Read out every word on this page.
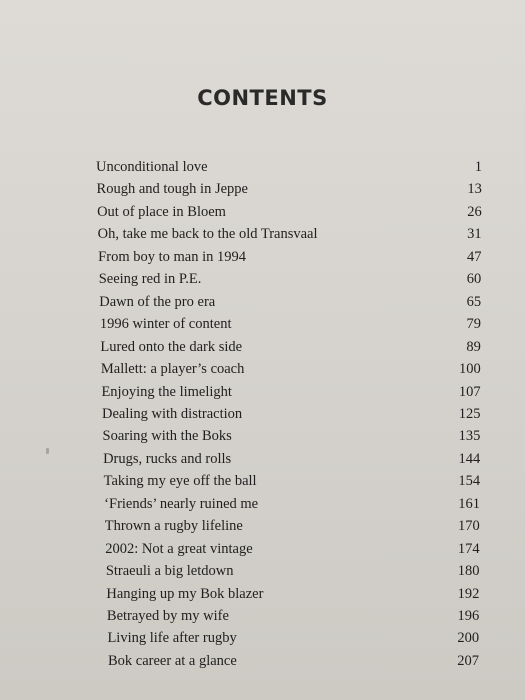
CONTENTS
Unconditional love	1
Rough and tough in Jeppe	13
Out of place in Bloem	26
Oh, take me back to the old Transvaal	31
From boy to man in 1994	47
Seeing red in P.E.	60
Dawn of the pro era	65
1996 winter of content	79
Lured onto the dark side	89
Mallett: a player’s coach	100
Enjoying the limelight	107
Dealing with distraction	125
Soaring with the Boks	135
Drugs, rucks and rolls	144
Taking my eye off the ball	154
‘Friends’ nearly ruined me	161
Thrown a rugby lifeline	170
2002: Not a great vintage	174
Straeuli a big letdown	180
Hanging up my Bok blazer	192
Betrayed by my wife	196
Living life after rugby	200
Bok career at a glance	207
